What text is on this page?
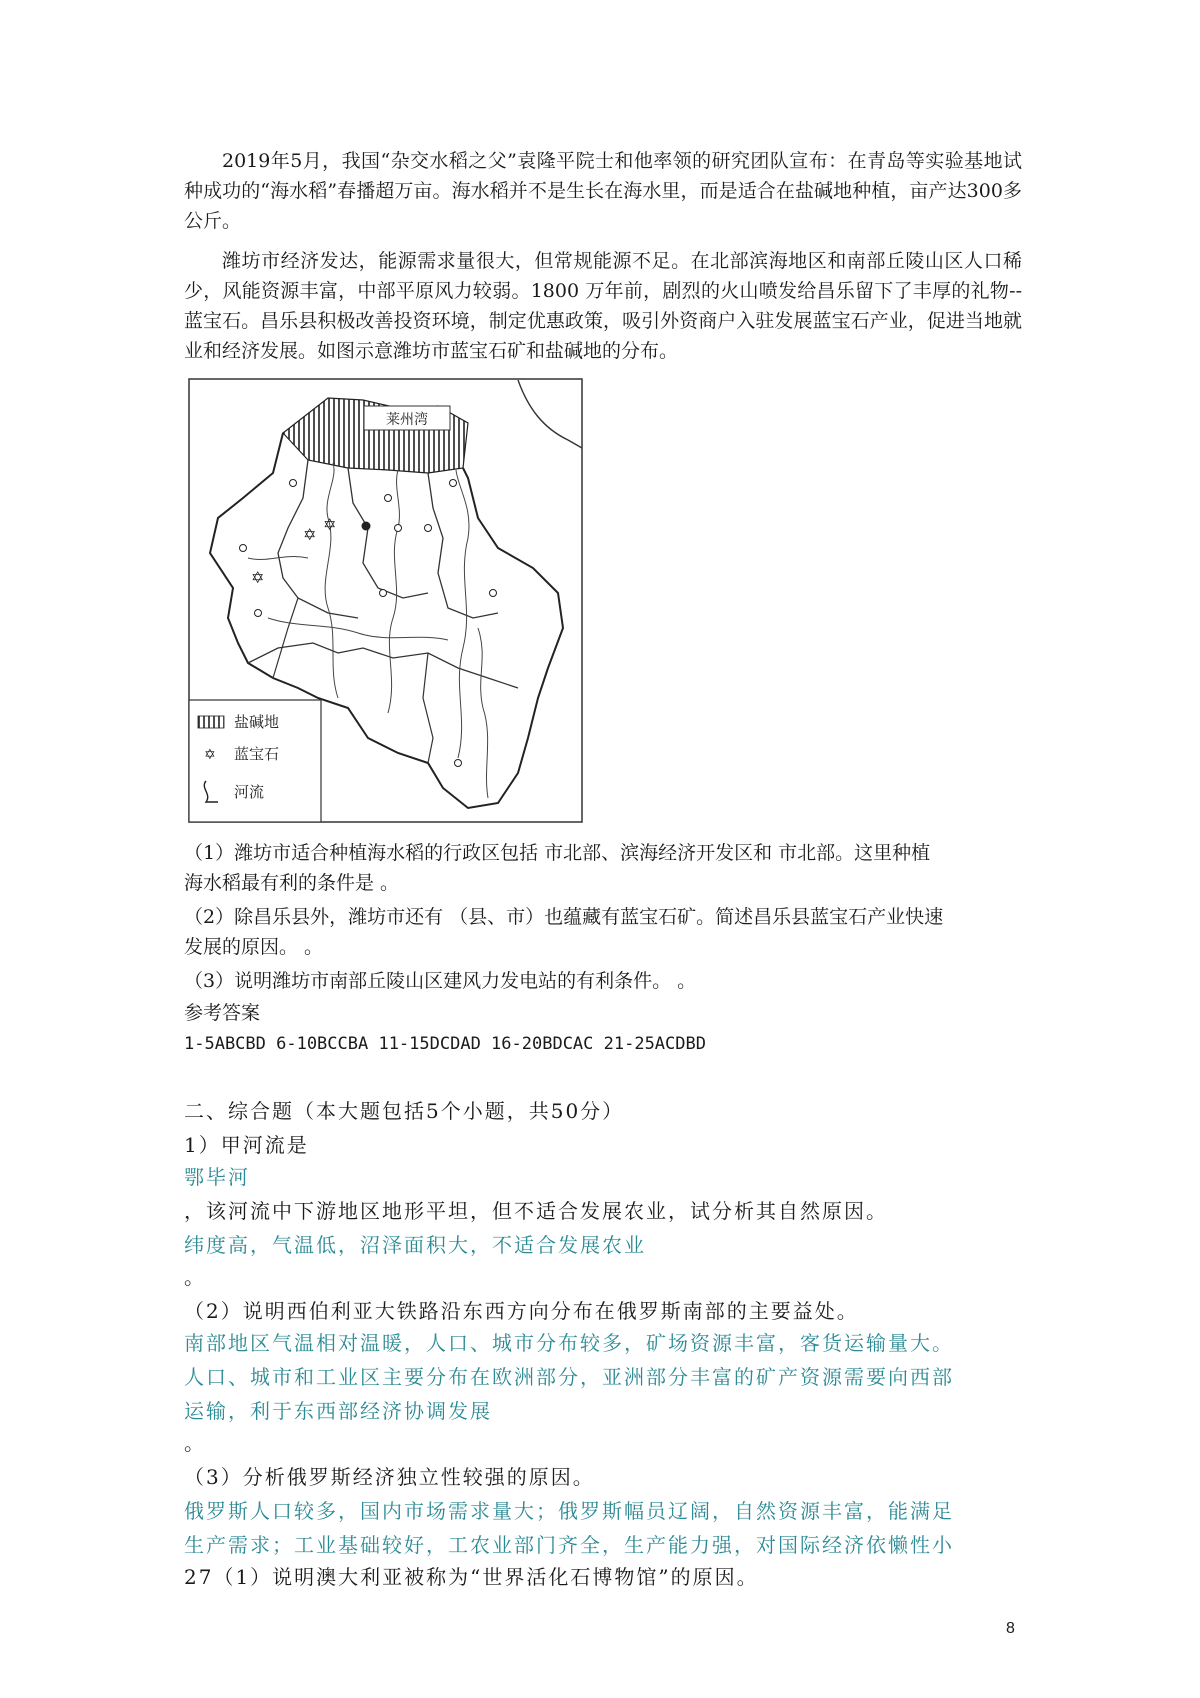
2019年5月，我国“杂交水稻之父”袁隆平院士和他率领的研究团队宣布：在青岛等实验基地试种成功的“海水稻”春播超万亩。海水稻并不是生长在海水里，而是适合在盐碱地种植，亩产达300多公斤。

潍坊市经济发达，能源需求量很大，但常规能源不足。在北部滨海地区和南部丘陵山区人口稀少，风能资源丰富，中部平原风力较弱。1800 万年前，剧烈的火山喷发给昌乐留下了丰厚的礼物--蓝宝石。昌乐县积极改善投资环境，制定优惠政策，吸引外资商户入驻发展蓝宝石产业，促进当地就业和经济发展。如图示意潍坊市蓝宝石矿和盐碱地的分布。

莱州湾
✡
✡
✡
盐碱地
✡ 蓝宝石
河流

（1）潍坊市适合种植海水稻的行政区包括 市北部、滨海经济开发区和 市北部。这里种植

海水稻最有利的条件是 。

（2）除昌乐县外，潍坊市还有 （县、市）也蕴藏有蓝宝石矿。简述昌乐县蓝宝石产业快速

发展的原因。 。

（3）说明潍坊市南部丘陵山区建风力发电站的有利条件。 。

参考答案

1-5ABCBD 6-10BCCBA 11-15DCDAD 16-20BDCAC 21-25ACDBD

二、综合题（本大题包括5个小题，共50分）

1）甲河流是

鄂毕河

，该河流中下游地区地形平坦，但不适合发展农业，试分析其自然原因。

纬度高，气温低，沼泽面积大，不适合发展农业

。

（2）说明西伯利亚大铁路沿东西方向分布在俄罗斯南部的主要益处。

南部地区气温相对温暖，人口、城市分布较多，矿场资源丰富，客货运输量大。

人口、城市和工业区主要分布在欧洲部分，亚洲部分丰富的矿产资源需要向西部

运输，利于东西部经济协调发展

。

（3）分析俄罗斯经济独立性较强的原因。

俄罗斯人口较多，国内市场需求量大；俄罗斯幅员辽阔，自然资源丰富，能满足

生产需求；工业基础较好，工农业部门齐全，生产能力强，对国际经济依懒性小

27（1）说明澳大利亚被称为“世界活化石博物馆”的原因。

8
